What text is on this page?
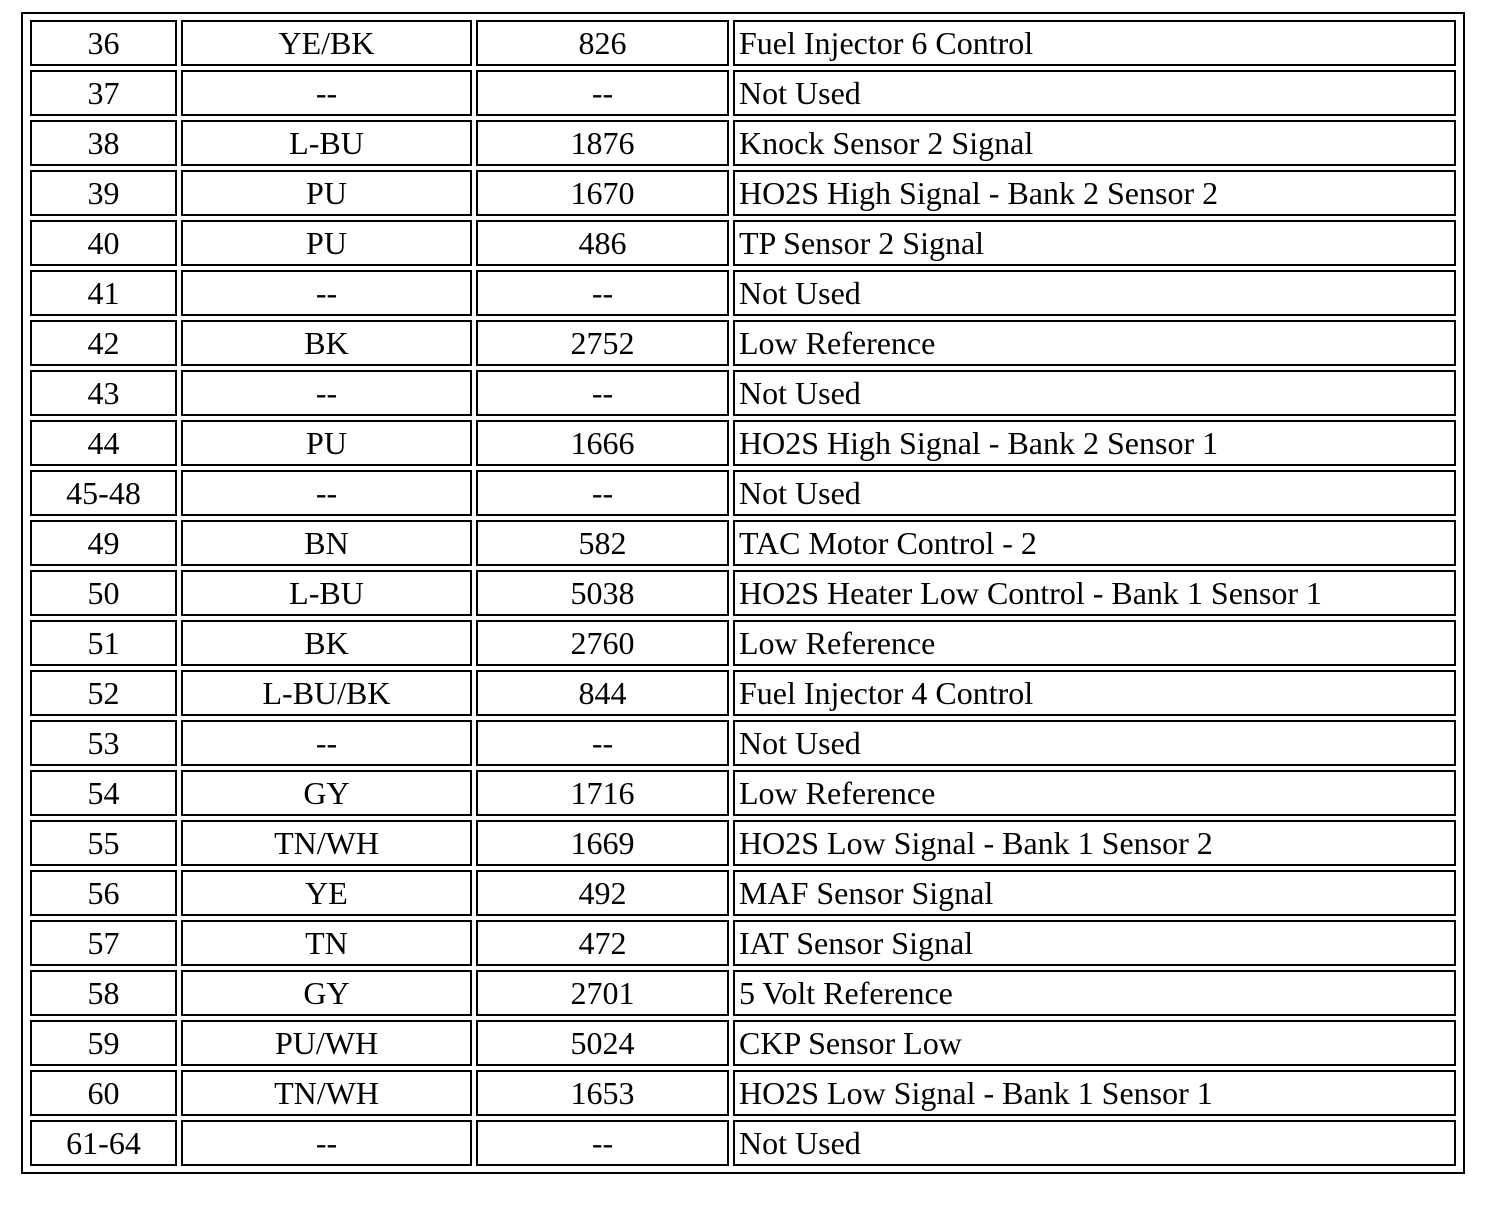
36	YE/BK	826	Fuel Injector 6 Control
37	--	--	Not Used
38	L-BU	1876	Knock Sensor 2 Signal
39	PU	1670	HO2S High Signal - Bank 2 Sensor 2
40	PU	486	TP Sensor 2 Signal
41	--	--	Not Used
42	BK	2752	Low Reference
43	--	--	Not Used
44	PU	1666	HO2S High Signal - Bank 2 Sensor 1
45-48	--	--	Not Used
49	BN	582	TAC Motor Control - 2
50	L-BU	5038	HO2S Heater Low Control - Bank 1 Sensor 1
51	BK	2760	Low Reference
52	L-BU/BK	844	Fuel Injector 4 Control
53	--	--	Not Used
54	GY	1716	Low Reference
55	TN/WH	1669	HO2S Low Signal - Bank 1 Sensor 2
56	YE	492	MAF Sensor Signal
57	TN	472	IAT Sensor Signal
58	GY	2701	5 Volt Reference
59	PU/WH	5024	CKP Sensor Low
60	TN/WH	1653	HO2S Low Signal - Bank 1 Sensor 1
61-64	--	--	Not Used
